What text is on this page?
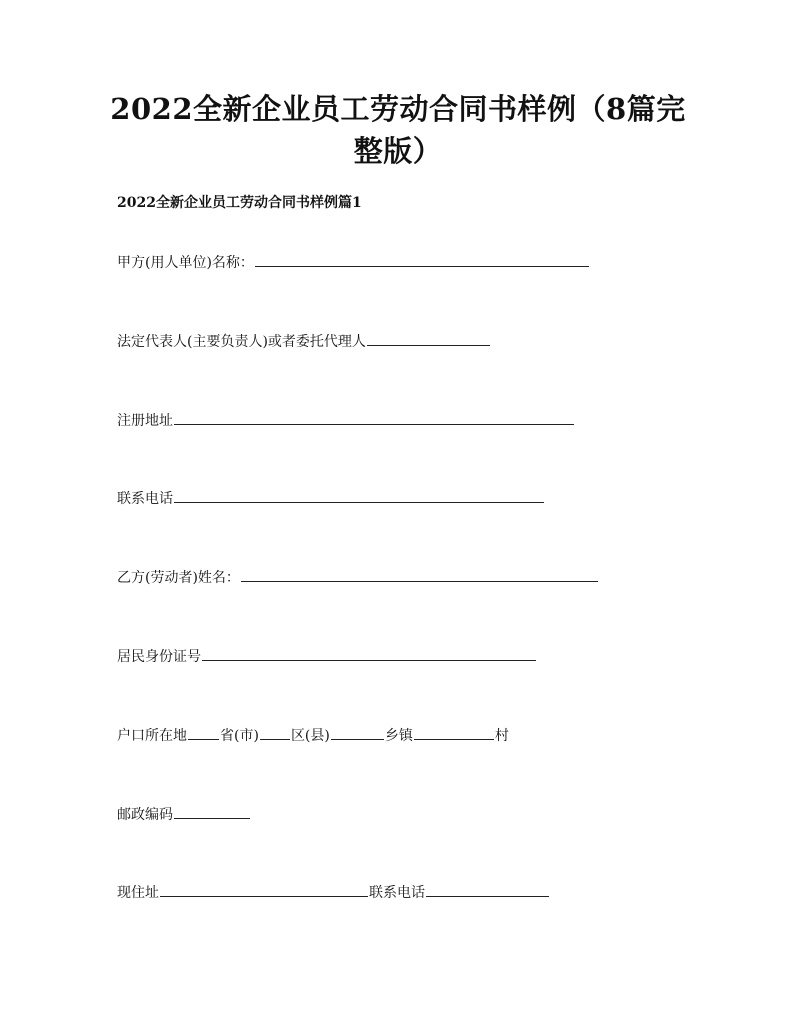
2022全新企业员工劳动合同书样例（8篇完
整版）
2022全新企业员工劳动合同书样例篇1
甲方(用人单位)名称：
法定代表人(主要负责人)或者委托代理人
注册地址
联系电话
乙方(劳动者)姓名：
居民身份证号
户口所在地 省(市) 区(县)	乡镇	村
邮政编码
现住址	联系电话
